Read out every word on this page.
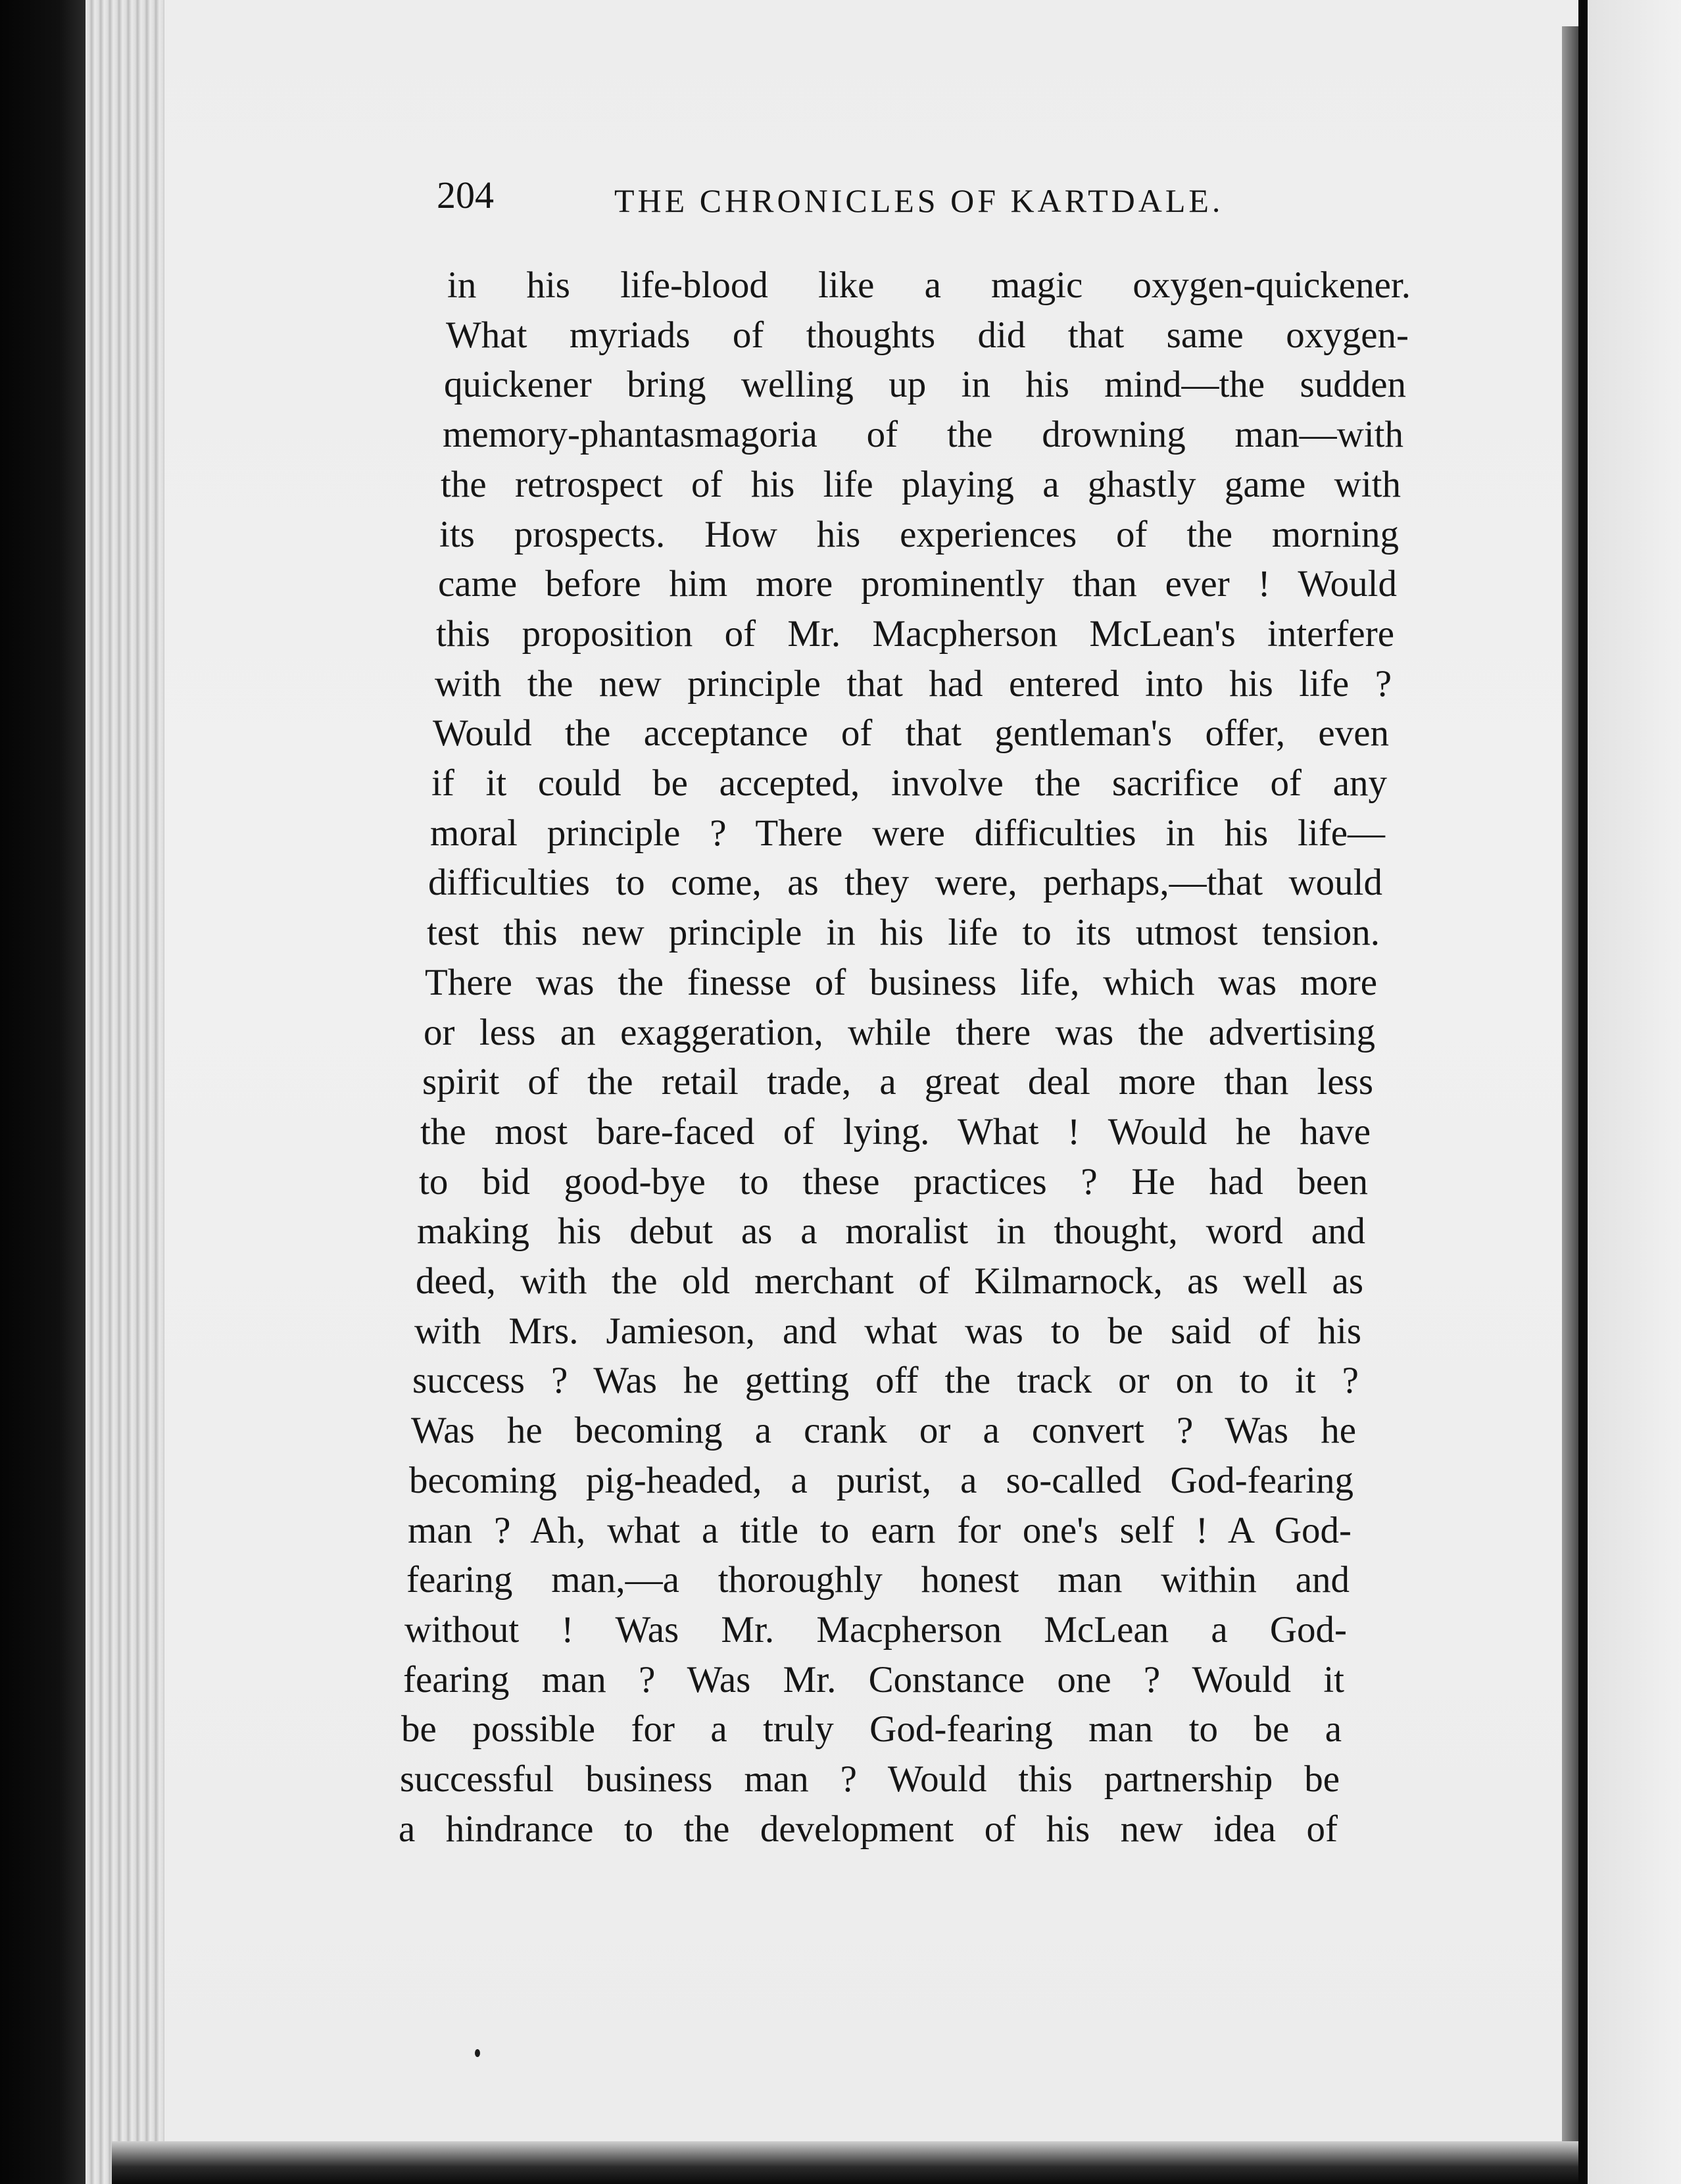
204	THE CHRONICLES OF KARTDALE.
in his life-blood like a magic oxygen-quickener.
What myriads of thoughts did that same oxygen-
quickener bring welling up in his mind—the sudden
memory-phantasmagoria of the drowning man—with
the retrospect of his life playing a ghastly game with
its prospects. How his experiences of the morning
came before him more prominently than ever ! Would
this proposition of Mr. Macpherson McLean's interfere
with the new principle that had entered into his life ?
Would the acceptance of that gentleman's offer, even
if it could be accepted, involve the sacrifice of any
moral principle ? There were difficulties in his life—
difficulties to come, as they were, perhaps,—that would
test this new principle in his life to its utmost tension.
There was the finesse of business life, which was more
or less an exaggeration, while there was the advertising
spirit of the retail trade, a great deal more than less
the most bare-faced of lying. What ! Would he have
to bid good-bye to these practices ? He had been
making his debut as a moralist in thought, word and
deed, with the old merchant of Kilmarnock, as well as
with Mrs. Jamieson, and what was to be said of his
success ? Was he getting off the track or on to it ?
Was he becoming a crank or a convert ? Was he
becoming pig-headed, a purist, a so-called God-fearing
man ? Ah, what a title to earn for one's self ! A God-
fearing man,—a thoroughly honest man within and
without ! Was Mr. Macpherson McLean a God-
fearing man ? Was Mr. Constance one ? Would it
be possible for a truly God-fearing man to be a
successful business man ? Would this partnership be
a hindrance to the development of his new idea of
